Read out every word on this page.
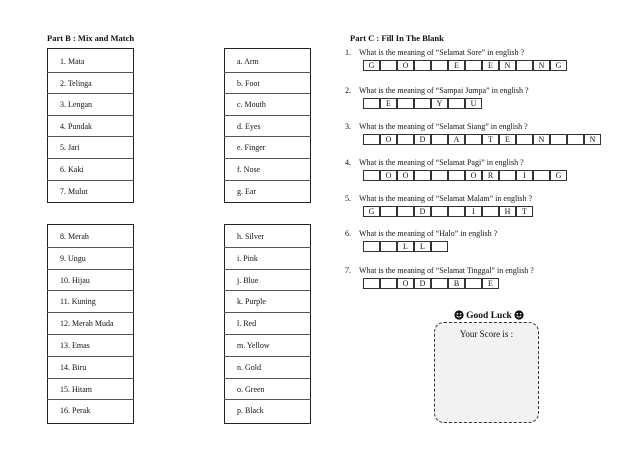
Part B : Mix and Match
1. Mata
2. Telinga
3. Lengan
4. Pundak
5. Jari
6. Kaki
7. Mulut
a. Arm
b. Foot
c. Mouth
d. Eyes
e. Finger
f. Nose
g. Ear
8. Merah
9. Ungu
10. Hijau
11. Kuning
12. Merah Muda
13. Emas
14. Biru
15. Hitam
16. Perak
h. Silver
i. Pink
j. Blue
k. Purple
l. Red
m. Yellow
n. Gold
o. Green
p. Black
Part C : Fill In The Blank
1. What is the meaning of “Selamat Sore” in english ?
G	O	E	E	N	N	G
2. What is the meaning of “Sampai Jumpa” in english ?
E	Y	U
3. What is the meaning of “Selamat Siang” in english ?
O	D	A	T	E	N	N
4. What is the meaning of “Selamat Pagi” in english ?
O	O	O	R	I	G
5. What is the meaning of “Selamat Malam” in english ?
G	D	I	H	T
6. What is the meaning of “Halo” in english ?
L	L
7. What is the meaning of “Selamat Tinggal” in english ?
O	D	B	E
Good Luck
Your Score is :
